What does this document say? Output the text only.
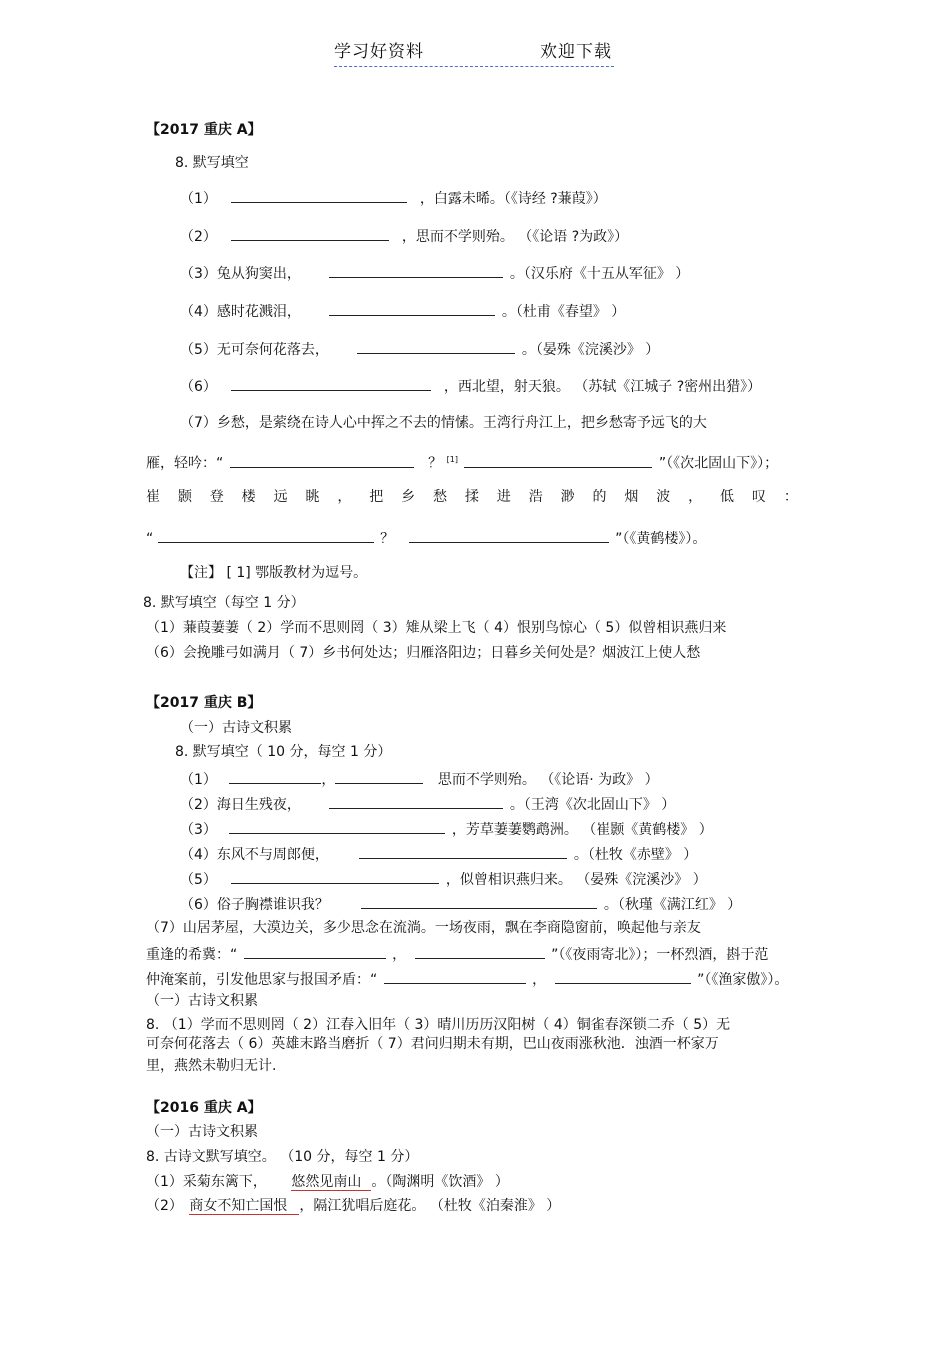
学习好资料	欢迎下载
【2017 重庆 A】
8. 默写填空
（1）	，白露未晞。（《诗经 ?蒹葭》）
（2）	，思而不学则殆。 （《论语 ?为政》）
（3）兔从狗窦出，	。（汉乐府《十五从军征》 ）
（4）感时花溅泪，	。（杜甫《春望》 ）
（5）无可奈何花落去，	。（晏殊《浣溪沙》 ）
（6）	，西北望，射天狼。 （苏轼《江城子 ?密州出猎》）
（7）乡愁，是萦绕在诗人心中挥之不去的情愫。王湾行舟江上，把乡愁寄予远飞的大
雁，轻吟：“	？ [1]	”（《次北固山下》）；
崔 颢 登 楼 远 眺 ， 把 乡 愁 揉 进 浩 渺 的 烟 波 ， 低 叹 ：
“	？	”（《黄鹤楼》）。
【注】 [ 1] 鄂版教材为逗号。
8. 默写填空（每空 1 分）
（1）蒹葭萋萋（ 2）学而不思则罔（ 3）雉从梁上飞（ 4）恨别鸟惊心（ 5）似曾相识燕归来
（6）会挽雕弓如满月（ 7）乡书何处达；归雁洛阳边；日暮乡关何处是？烟波江上使人愁
【2017 重庆 B】
（一）古诗文积累
8. 默写填空（ 10 分，每空 1 分）
（1）	，	思而不学则殆。 （《论语· 为政》 ）
（2）海日生残夜，	。（王湾《次北固山下》 ）
（3）	，芳草萋萋鹦鹉洲。 （崔颢《黄鹤楼》 ）
（4）东风不与周郎便，	。（杜牧《赤壁》 ）
（5）	，似曾相识燕归来。 （晏殊《浣溪沙》 ）
（6）俗子胸襟谁识我？	。（秋瑾《满江红》 ）
（7）山居茅屋，大漠边关，多少思念在流淌。一场夜雨，飘在李商隐窗前，唤起他与亲友
重逢的希冀：“	，	”（《夜雨寄北》）；一杯烈酒，斟于范
仲淹案前，引发他思家与报国矛盾：“	，	”（《渔家傲》）。
（一）古诗文积累
8. （1）学而不思则罔（ 2）江春入旧年（ 3）晴川历历汉阳树（ 4）铜雀春深锁二乔（ 5）无
可奈何花落去（ 6）英雄末路当磨折（ 7）君问归期未有期，巴山夜雨涨秋池．浊酒一杯家万
里，燕然未勒归无计.
【2016 重庆 A】
（一）古诗文积累
8. 古诗文默写填空。 （10 分，每空 1 分）
（1）采菊东篱下， 悠然见南山 。（陶渊明《饮酒》 ）
（2） 商女不知亡国恨 ，隔江犹唱后庭花。 （杜牧《泊秦淮》 ）
